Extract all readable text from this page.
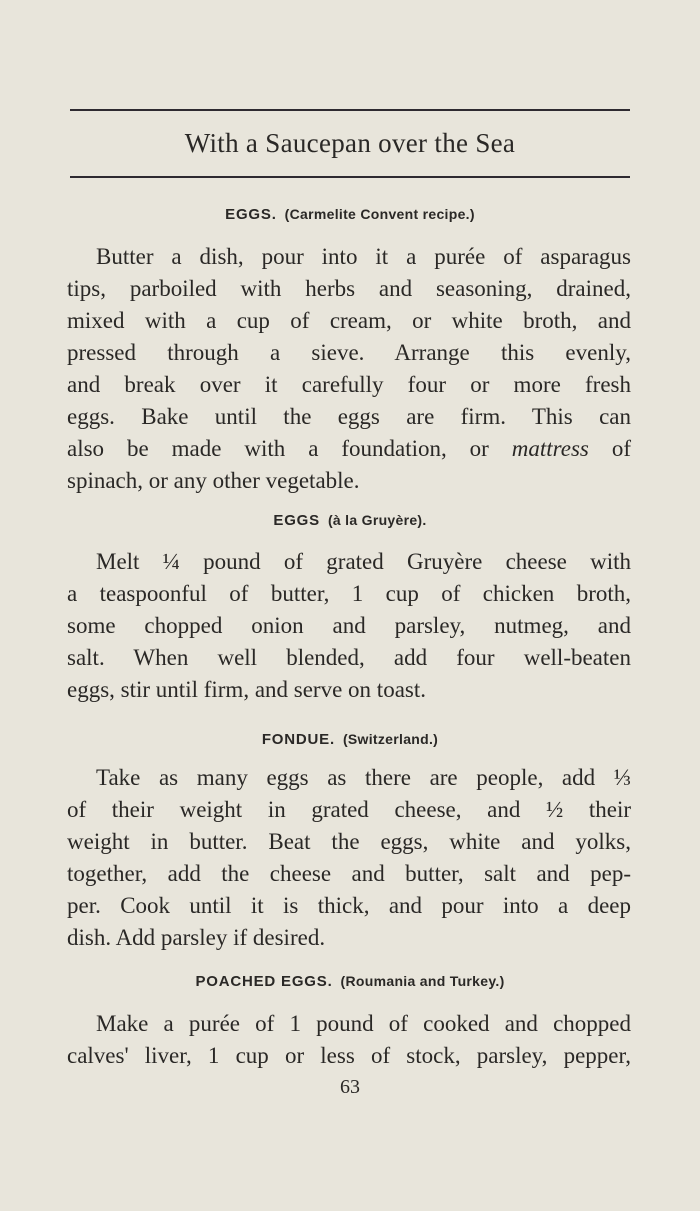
With a Saucepan over the Sea
EGGS. (Carmelite Convent recipe.)
Butter a dish, pour into it a purée of asparagus
tips, parboiled with herbs and seasoning, drained,
mixed with a cup of cream, or white broth, and
pressed through a sieve. Arrange this evenly,
and break over it carefully four or more fresh
eggs. Bake until the eggs are firm. This can
also be made with a foundation, or mattress of
spinach, or any other vegetable.
EGGS (à la Gruyère).
Melt ¼ pound of grated Gruyère cheese with
a teaspoonful of butter, 1 cup of chicken broth,
some chopped onion and parsley, nutmeg, and
salt. When well blended, add four well-beaten
eggs, stir until firm, and serve on toast.
FONDUE. (Switzerland.)
Take as many eggs as there are people, add ⅓
of their weight in grated cheese, and ½ their
weight in butter. Beat the eggs, white and yolks,
together, add the cheese and butter, salt and pep-
per. Cook until it is thick, and pour into a deep
dish. Add parsley if desired.
POACHED EGGS. (Roumania and Turkey.)
Make a purée of 1 pound of cooked and chopped
calves' liver, 1 cup or less of stock, parsley, pepper,
63
